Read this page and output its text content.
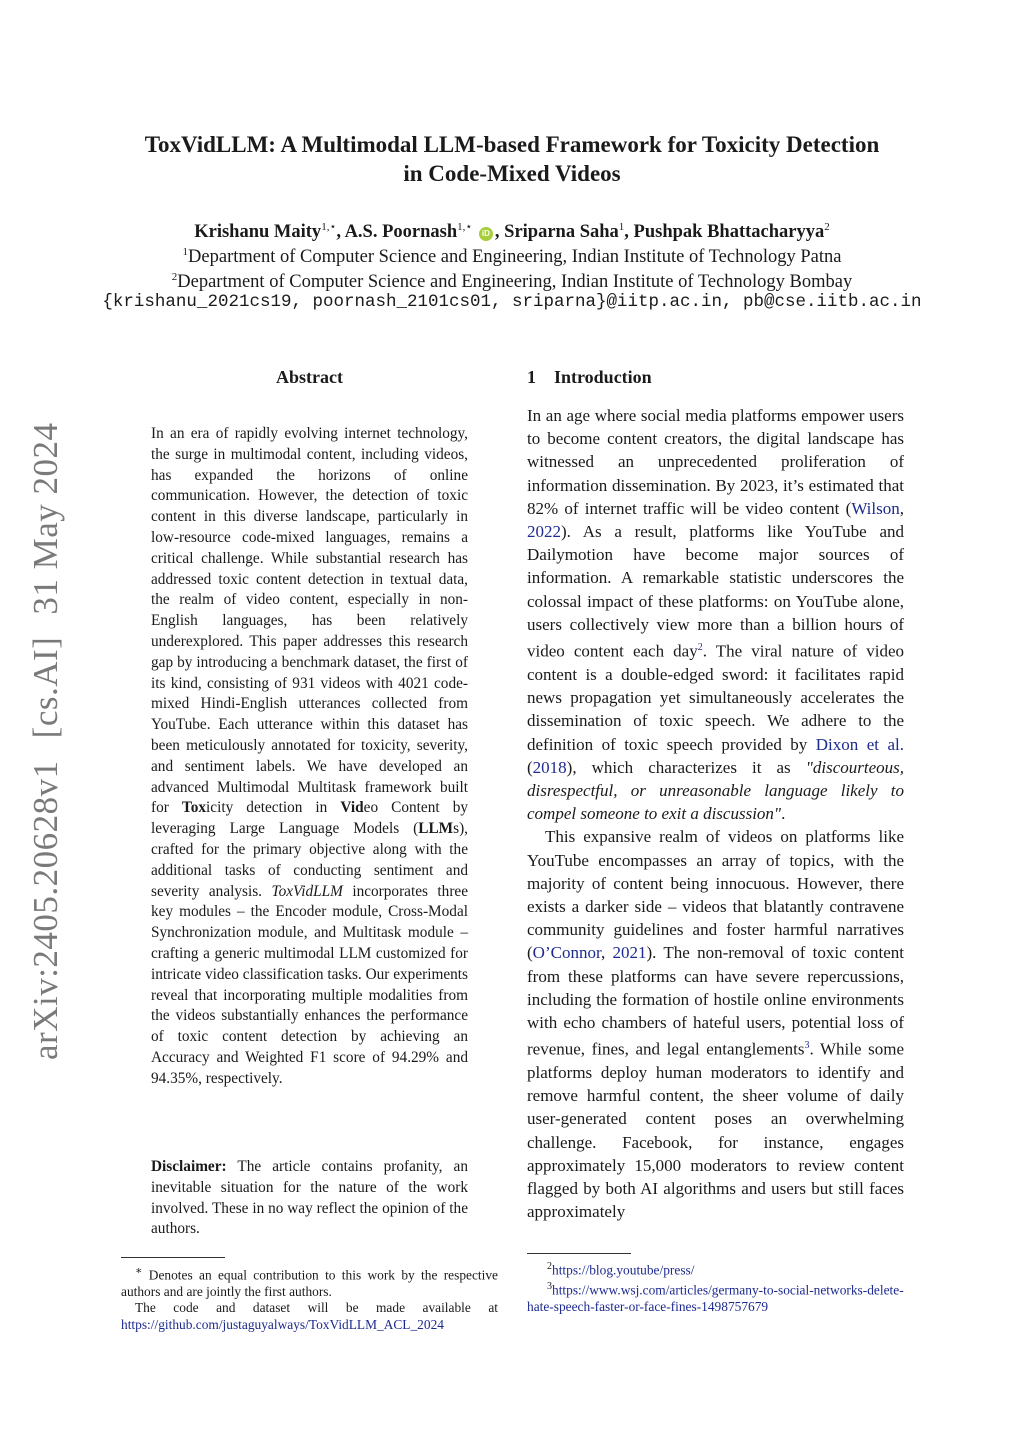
arXiv:2405.20628v1[cs.AI]31 May 2024
ToxVidLLM: A Multimodal LLM-based Framework for Toxicity Detection
in Code-Mixed Videos
Krishanu Maity$^{1,⋆}$, A.S. Poornash$^{1,⋆}$ iD , Sriparna Saha$^1$, Pushpak Bhattacharyya$^2$
$^1$Department of Computer Science and Engineering, Indian Institute of Technology Patna
$^2$Department of Computer Science and Engineering, Indian Institute of Technology Bombay
{krishanu_2021cs19, poornash_2101cs01, sriparna}@iitp.ac.in, pb@cse.iitb.ac.in
Abstract
In an era of rapidly evolving internet technology, the surge in multimodal content, including videos, has expanded the horizons of online communication. However, the detection of toxic content in this diverse landscape, particularly in low-resource code-mixed languages, remains a critical challenge. While substantial research has addressed toxic content detection in textual data, the realm of video content, especially in non-English languages, has been relatively underexplored. This paper addresses this research gap by introducing a benchmark dataset, the first of its kind, consisting of 931 videos with 4021 code-mixed Hindi-English utterances collected from YouTube. Each utterance within this dataset has been meticulously annotated for toxicity, severity, and sentiment labels. We have developed an advanced Multimodal Multitask framework built for Toxicity detection in Video Content by leveraging Large Language Models (LLMs), crafted for the primary objective along with the additional tasks of conducting sentiment and severity analysis. ToxVidLLM incorporates three key modules – the Encoder module, Cross-Modal Synchronization module, and Multitask module – crafting a generic multimodal LLM customized for intricate video classification tasks. Our experiments reveal that incorporating multiple modalities from the videos substantially enhances the performance of toxic content detection by achieving an Accuracy and Weighted F1 score of 94.29% and 94.35%, respectively.
Disclaimer: The article contains profanity, an inevitable situation for the nature of the work involved. These in no way reflect the opinion of the authors.

∗ Denotes an equal contribution to this work by the respective authors and are jointly the first authors.

The code and dataset will be made available at https://github.com/justaguyalways/ToxVidLLM_ACL_2024

1 Introduction

In an age where social media platforms empower users to become content creators, the digital landscape has witnessed an unprecedented proliferation of information dissemination. By 2023, it’s estimated that 82% of internet traffic will be video content (Wilson, 2022). As a result, platforms like YouTube and Dailymotion have become major sources of information. A remarkable statistic underscores the colossal impact of these platforms: on YouTube alone, users collectively view more than a billion hours of video content each day$^2$. The viral nature of video content is a double-edged sword: it facilitates rapid news propagation yet simultaneously accelerates the dissemination of toxic speech. We adhere to the definition of toxic speech provided by Dixon et al. (2018), which characterizes it as "discourteous, disrespectful, or unreasonable language likely to compel someone to exit a discussion".

This expansive realm of videos on platforms like YouTube encompasses an array of topics, with the majority of content being innocuous. However, there exists a darker side – videos that blatantly contravene community guidelines and foster harmful narratives (O’Connor, 2021). The non-removal of toxic content from these platforms can have severe repercussions, including the formation of hostile online environments with echo chambers of hateful users, potential loss of revenue, fines, and legal entanglements$^3$. While some platforms deploy human moderators to identify and remove harmful content, the sheer volume of daily user-generated content poses an overwhelming challenge. Facebook, for instance, engages approximately 15,000 moderators to review content flagged by both AI algorithms and users but still faces approximately

$^2$https://blog.youtube/press/

$^3$https://www.wsj.com/articles/germany-to-social-networks-delete-hate-speech-faster-or-face-fines-1498757679
